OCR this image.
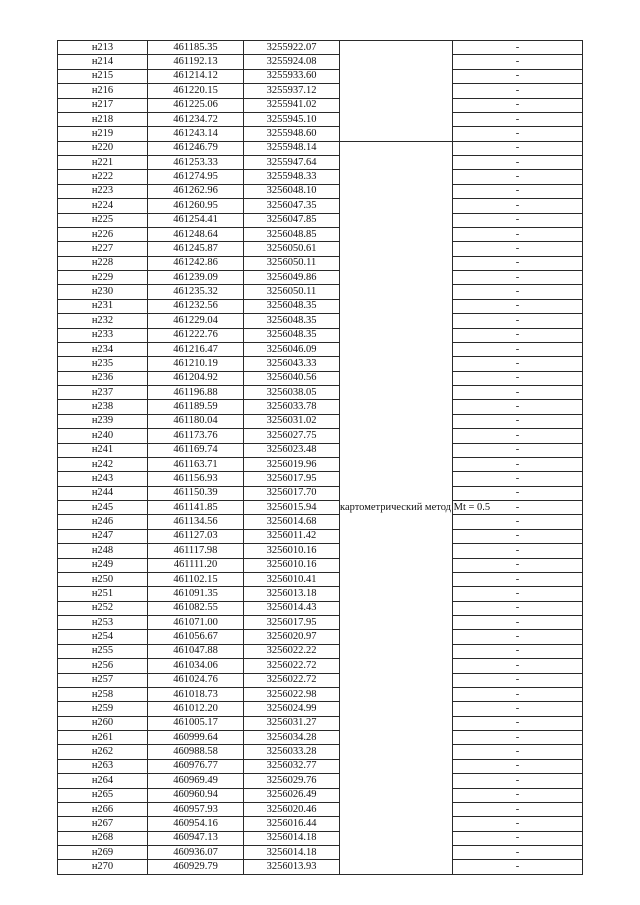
н213	461185.35	3255922.07		-
н214	461192.13	3255924.08		-
н215	461214.12	3255933.60		-
н216	461220.15	3255937.12		-
н217	461225.06	3255941.02		-
н218	461234.72	3255945.10		-
н219	461243.14	3255948.60		-
н220	461246.79	3255948.14	картометрический метод Mt = 0.5	-
н221	461253.33	3255947.64		-
н222	461274.95	3255948.33		-
н223	461262.96	3256048.10		-
н224	461260.95	3256047.35		-
н225	461254.41	3256047.85		-
н226	461248.64	3256048.85		-
н227	461245.87	3256050.61		-
н228	461242.86	3256050.11		-
н229	461239.09	3256049.86		-
н230	461235.32	3256050.11		-
н231	461232.56	3256048.35		-
н232	461229.04	3256048.35		-
н233	461222.76	3256048.35		-
н234	461216.47	3256046.09		-
н235	461210.19	3256043.33		-
н236	461204.92	3256040.56		-
н237	461196.88	3256038.05		-
н238	461189.59	3256033.78		-
н239	461180.04	3256031.02		-
н240	461173.76	3256027.75		-
н241	461169.74	3256023.48		-
н242	461163.71	3256019.96		-
н243	461156.93	3256017.95		-
н244	461150.39	3256017.70		-
н245	461141.85	3256015.94		-
н246	461134.56	3256014.68		-
н247	461127.03	3256011.42		-
н248	461117.98	3256010.16		-
н249	461111.20	3256010.16		-
н250	461102.15	3256010.41		-
н251	461091.35	3256013.18		-
н252	461082.55	3256014.43		-
н253	461071.00	3256017.95		-
н254	461056.67	3256020.97		-
н255	461047.88	3256022.22		-
н256	461034.06	3256022.72		-
н257	461024.76	3256022.72		-
н258	461018.73	3256022.98		-
н259	461012.20	3256024.99		-
н260	461005.17	3256031.27		-
н261	460999.64	3256034.28		-
н262	460988.58	3256033.28		-
н263	460976.77	3256032.77		-
н264	460969.49	3256029.76		-
н265	460960.94	3256026.49		-
н266	460957.93	3256020.46		-
н267	460954.16	3256016.44		-
н268	460947.13	3256014.18		-
н269	460936.07	3256014.18		-
н270	460929.79	3256013.93		-
